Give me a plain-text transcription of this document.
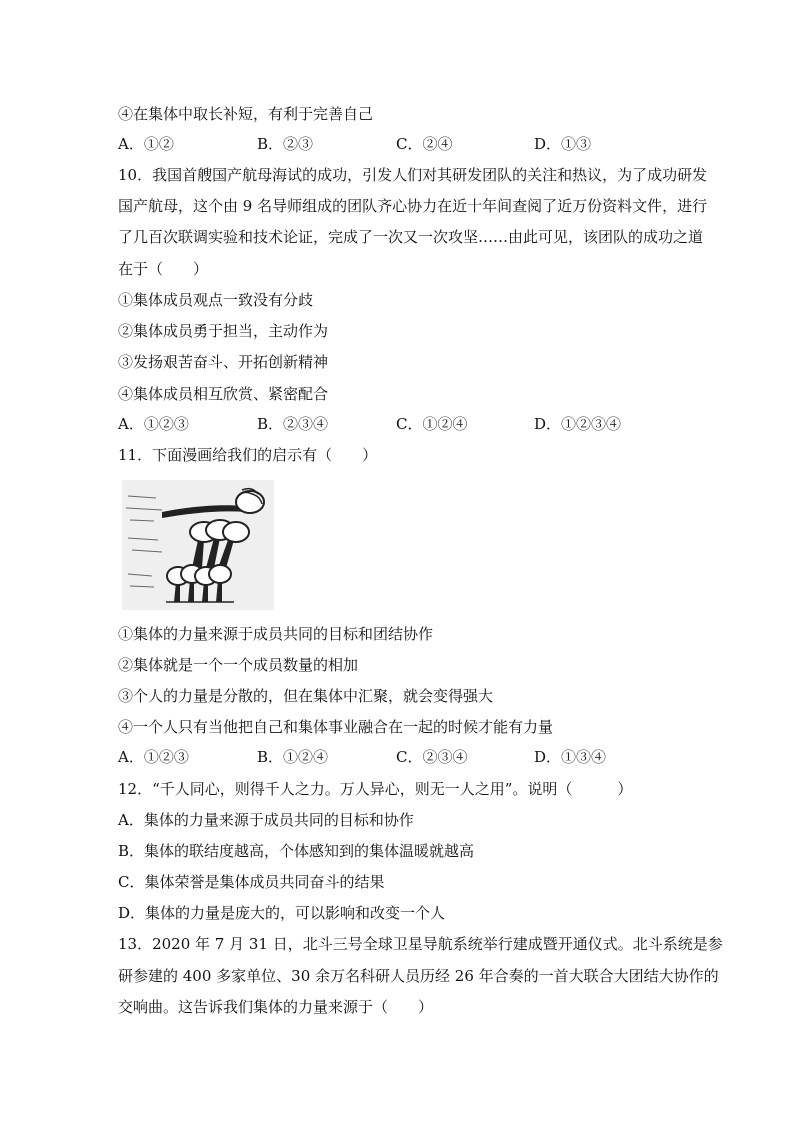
④在集体中取长补短，有利于完善自己
A．①②	B．②③	C．②④	D．①③
10．我国首艘国产航母海试的成功，引发人们对其研发团队的关注和热议，为了成功研发
国产航母，这个由 9 名导师组成的团队齐心协力在近十年间查阅了近万份资料文件，进行
了几百次联调实验和技术论证，完成了一次又一次攻坚……由此可见，该团队的成功之道
在于（　　）
①集体成员观点一致没有分歧
②集体成员勇于担当，主动作为
③发扬艰苦奋斗、开拓创新精神
④集体成员相互欣赏、紧密配合
A．①②③	B．②③④	C．①②④	D．①②③④
11．下面漫画给我们的启示有（　　）
①集体的力量来源于成员共同的目标和团结协作
②集体就是一个一个成员数量的相加
③个人的力量是分散的，但在集体中汇聚，就会变得强大
④一个人只有当他把自己和集体事业融合在一起的时候才能有力量
A．①②③	B．①②④	C．②③④	D．①③④
12．“千人同心，则得千人之力。万人异心，则无一人之用”。说明（　　　）
A．集体的力量来源于成员共同的目标和协作
B．集体的联结度越高，个体感知到的集体温暖就越高
C．集体荣誉是集体成员共同奋斗的结果
D．集体的力量是庞大的，可以影响和改变一个人
13．2020 年 7 月 31 日，北斗三号全球卫星导航系统举行建成暨开通仪式。北斗系统是参
研参建的 400 多家单位、30 余万名科研人员历经 26 年合奏的一首大联合大团结大协作的
交响曲。这告诉我们集体的力量来源于（　　）
